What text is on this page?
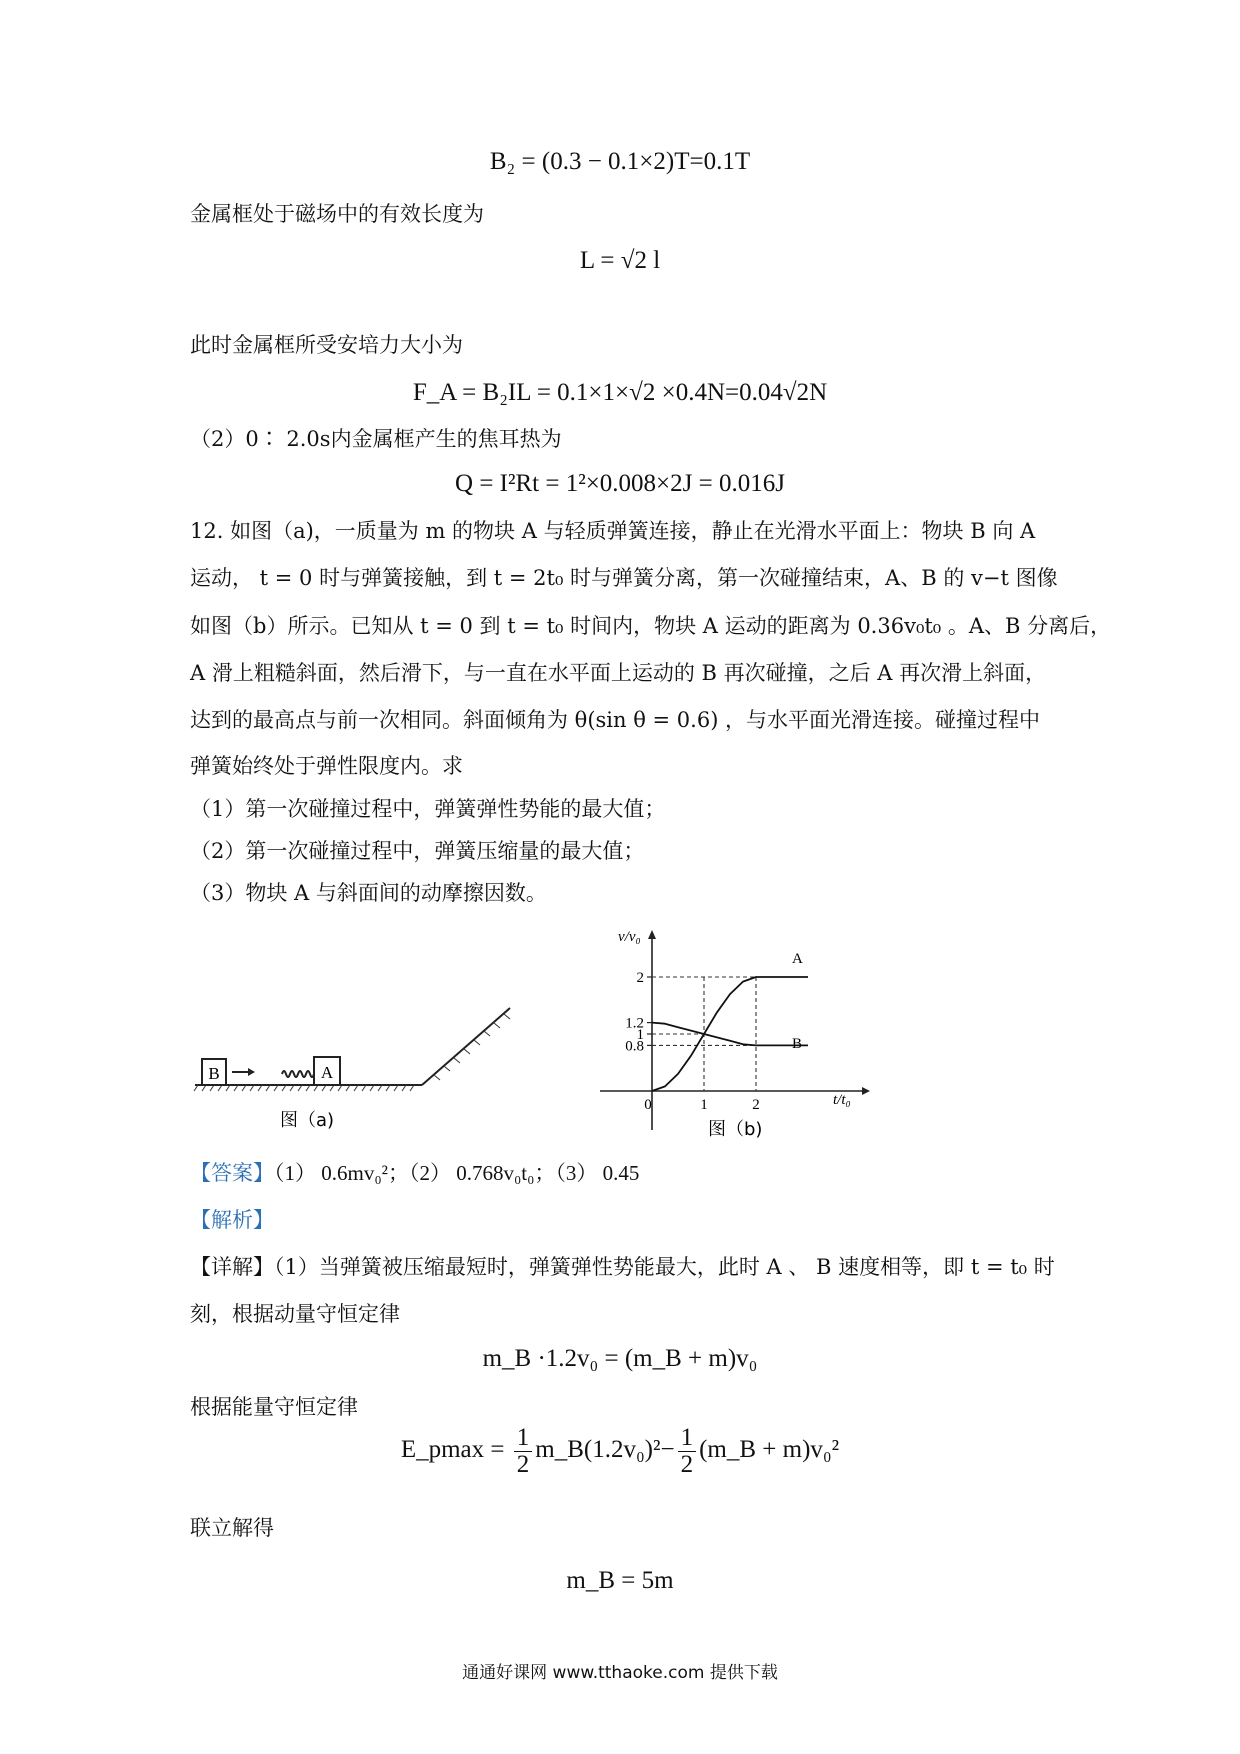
B₂ = (0.3 − 0.1×2)T=0.1T
金属框处于磁场中的有效长度为
L = √2 l
此时金属框所受安培力大小为
F_A = B₂IL = 0.1×1×√2 ×0.4N=0.04√2N
（2）0∶ 2.0s内金属框产生的焦耳热为
Q = I²Rt = 1²×0.008×2J = 0.016J
12. 如图（a)，一质量为 m 的物块 A 与轻质弹簧连接，静止在光滑水平面上：物块 B 向 A
运动， t = 0 时与弹簧接触，到 t = 2t₀ 时与弹簧分离，第一次碰撞结束，A、B 的 v−t 图像
如图（b）所示。已知从 t = 0 到 t = t₀ 时间内，物块 A 运动的距离为 0.36v₀t₀ 。A、B 分离后，
A 滑上粗糙斜面，然后滑下，与一直在水平面上运动的 B 再次碰撞，之后 A 再次滑上斜面，
达到的最高点与前一次相同。斜面倾角为 θ(sin θ = 0.6) ，与水平面光滑连接。碰撞过程中
弹簧始终处于弹性限度内。求
（1）第一次碰撞过程中，弹簧弹性势能的最大值；
（2）第一次碰撞过程中，弹簧压缩量的最大值；
（3）物块 A 与斜面间的动摩擦因数。
B	A
图（a)
v/v₀
t/t₀
A
B
图（b)
2
1.2
1
0.8
0	1	2
【答案】（1） 0.6mv₀²；（2） 0.768v₀t₀；（3） 0.45
【解析】
【详解】（1）当弹簧被压缩最短时，弹簧弹性势能最大，此时 A 、 B 速度相等，即 t = t₀ 时
刻，根据动量守恒定律
m_B ·1.2v₀ = (m_B + m)v₀
根据能量守恒定律
E_pmax = $\frac{1}{2}$ m_B(1.2v₀)²− $\frac{1}{2}$ (m_B + m)v₀²
联立解得
m_B = 5m
通通好课网 www.tthaoke.com 提供下载
